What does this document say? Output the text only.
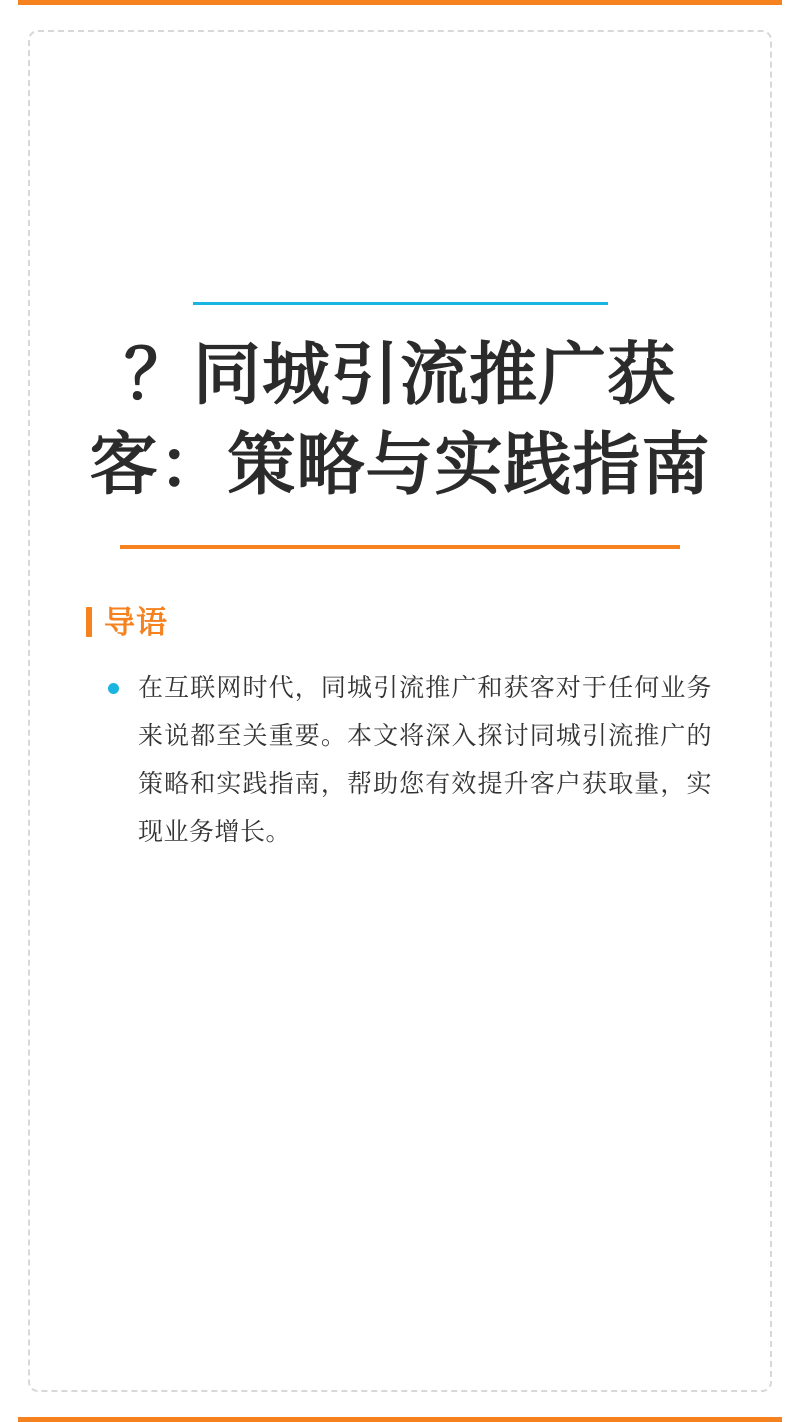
？同城引流推广获客：策略与实践指南
导语
在互联网时代，同城引流推广和获客对于任何业务来说都至关重要。本文将深入探讨同城引流推广的策略和实践指南，帮助您有效提升客户获取量，实现业务增长。
